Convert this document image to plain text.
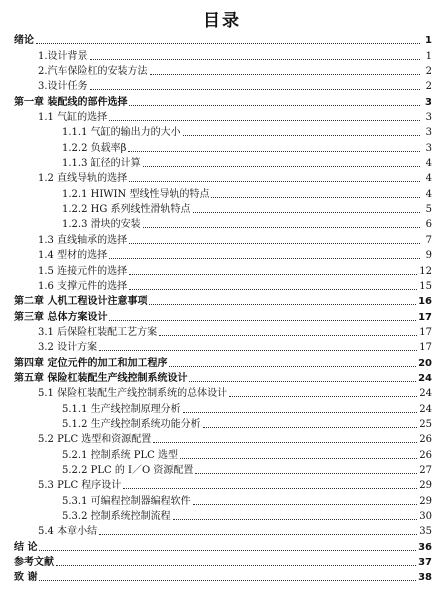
目录
绪论	1
1.设计背景	1
2.汽车保险杠的安装方法	2
3.设计任务	2
第一章 装配线的部件选择	3
1.1 气缸的选择	3
1.1.1 气缸的输出力的大小	3
1.2.2 负载率β	3
1.1.3 缸径的计算	4
1.2 直线导轨的选择	4
1.2.1 HIWIN 型线性导轨的特点	4
1.2.2 HG 系列线性滑轨特点	5
1.2.3 滑块的安装	6
1.3 直线轴承的选择	7
1.4 型材的选择	9
1.5 连接元件的选择	12
1.6 支撑元件的选择	15
第二章 人机工程设计注意事项	16
第三章 总体方案设计	17
3.1 后保险杠装配工艺方案	17
3.2 设计方案	17
第四章 定位元件的加工和加工程序	20
第五章 保险杠装配生产线控制系统设计	24
5.1 保险杠装配生产线控制系统的总体设计	24
5.1.1 生产线控制原理分析	24
5.1.2 生产线控制系统功能分析	25
5.2 PLC 选型和资源配置	26
5.2.1 控制系统 PLC 选型	26
5.2.2 PLC 的 I／O 资源配置	27
5.3 PLC 程序设计	29
5.3.1 可编程控制器编程软件	29
5.3.2 控制系统控制流程	30
5.4 本章小结	35
结 论	36
参考文献	37
致 谢	38
